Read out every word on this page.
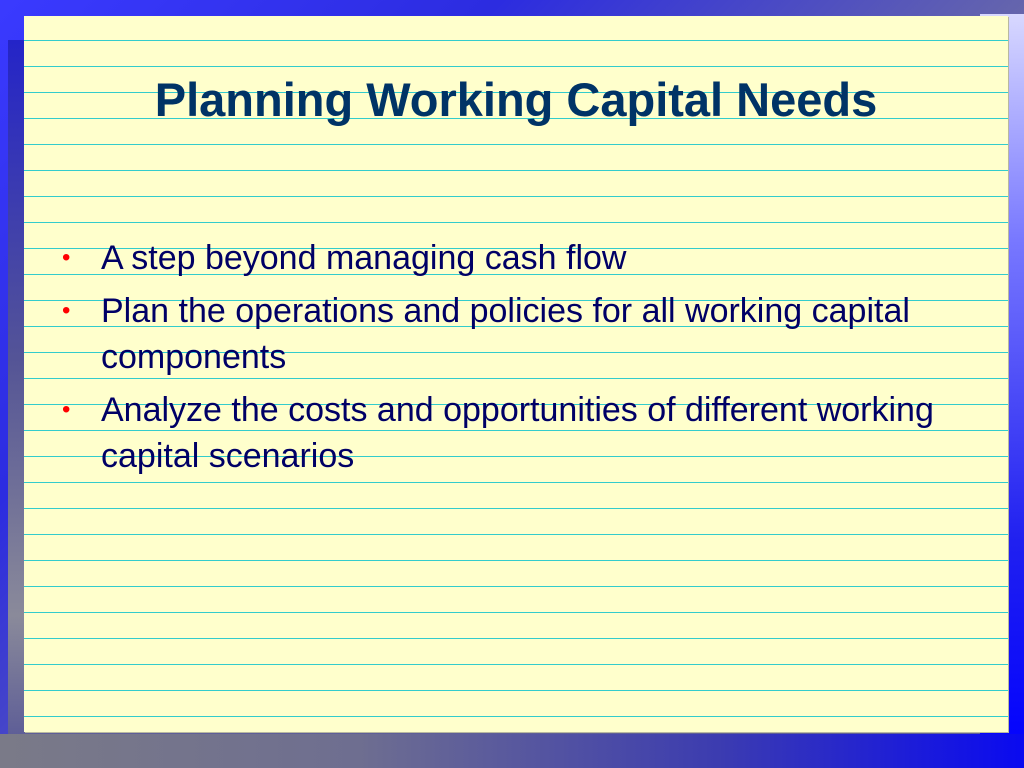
Planning Working Capital Needs
• A step beyond managing cash flow
• Plan the operations and policies for all working capital components
• Analyze the costs and opportunities of different working capital scenarios
